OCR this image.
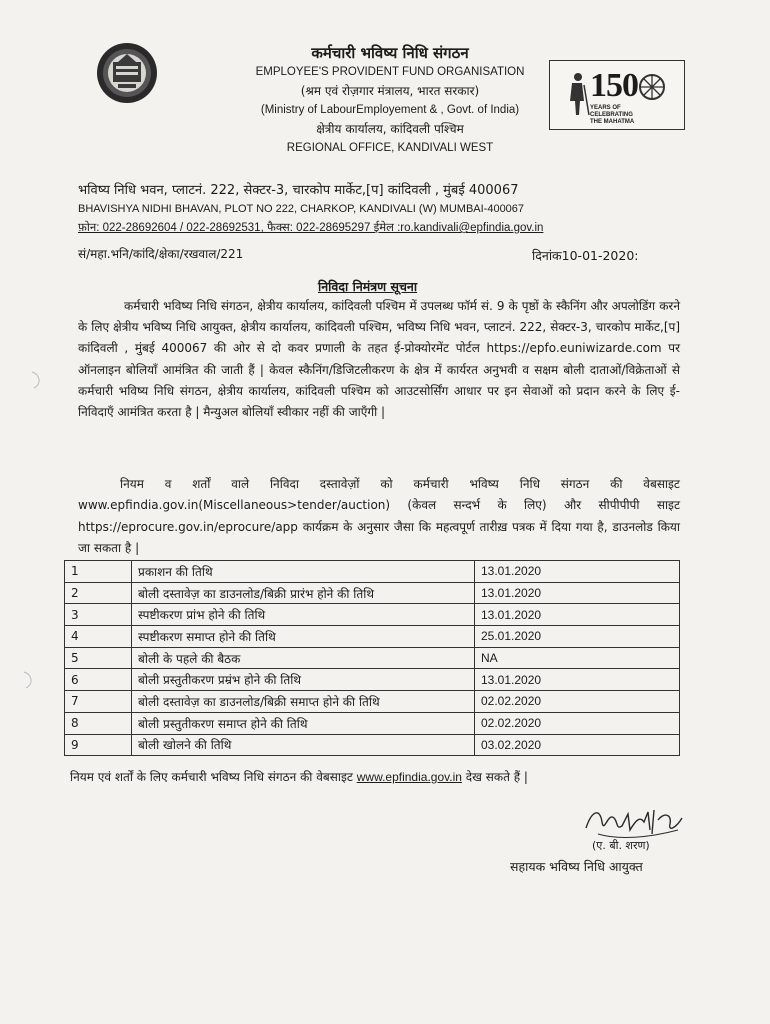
कर्मचारी भविष्य निधि संगठन
EMPLOYEE'S PROVIDENT FUND ORGANISATION
(श्रम एवं रोज़गार मंत्रालय, भारत सरकार)
(Ministry of LabourEmployement & , Govt. of India)
क्षेत्रीय कार्यालय, कांदिवली पश्चिम
REGIONAL OFFICE, KANDIVALI WEST
150
YEARS OF
CELEBRATING
THE MAHATMA
भविष्य निधि भवन, प्लाटनं. 222, सेक्टर-3, चारकोप मार्केट,[प] कांदिवली , मुंबई 400067
BHAVISHYA NIDHI BHAVAN, PLOT NO 222, CHARKOP, KANDIVALI (W) MUMBAI-400067
फ़ोन: 022-28692604 / 022-28692531, फैक्स: 022-28695297 ईमेल :ro.kandivali@epfindia.gov.in
सं/महा.भनि/कांदि/क्षेका/रखवाल/221	दिनांक10-01-2020:
निविदा निमंत्रण सूचना
कर्मचारी भविष्य निधि संगठन, क्षेत्रीय कार्यालय, कांदिवली पश्चिम में उपलब्ध फॉर्म सं. 9 के पृष्ठों के स्कैनिंग और अपलोडिंग करने के लिए क्षेत्रीय भविष्य निधि आयुक्त, क्षेत्रीय कार्यालय, कांदिवली पश्चिम, भविष्य निधि भवन, प्लाटनं. 222, सेक्टर-3, चारकोप मार्केट,[प] कांदिवली , मुंबई 400067 की ओर से दो कवर प्रणाली के तहत ई-प्रोक्योरमेंट पोर्टल https://epfo.euniwizarde.com पर ऑनलाइन बोलियाँ आमंत्रित की जाती हैं | केवल स्कैनिंग/डिजिटलीकरण के क्षेत्र में कार्यरत अनुभवी व सक्षम बोली दाताओं/विक्रेताओं से कर्मचारी भविष्य निधि संगठन, क्षेत्रीय कार्यालय, कांदिवली पश्चिम को आउटसोर्सिंग आधार पर इन सेवाओं को प्रदान करने के लिए ई-निविदाएँ आमंत्रित करता है | मैन्युअल बोलियाँ स्वीकार नहीं की जाएँगी |
नियम व शर्तों वाले निविदा दस्तावेज़ों को कर्मचारी भविष्य निधि संगठन की वेबसाइट www.epfindia.gov.in(Miscellaneous>tender/auction) (केवल सन्दर्भ के लिए) और सीपीपीपी साइट https://eprocure.gov.in/eprocure/app कार्यक्रम के अनुसार जैसा कि महत्वपूर्ण तारीख़ पत्रक में दिया गया है, डाउनलोड किया जा सकता है |
1	प्रकाशन की तिथि	13.01.2020
2	बोली दस्तावेज़ का डाउनलोड/बिक्री प्रारंभ होने की तिथि	13.01.2020
3	स्पष्टीकरण प्रांभ होने की तिथि	13.01.2020
4	स्पष्टीकरण समाप्त होने की तिथि	25.01.2020
5	बोली के पहले की बैठक	NA
6	बोली प्रस्तुतीकरण प्रम्रंभ होने की तिथि	13.01.2020
7	बोली दस्तावेज़ का डाउनलोड/बिक्री समाप्त होने की तिथि	02.02.2020
8	बोली प्रस्तुतीकरण समाप्त होने की तिथि	02.02.2020
9	बोली खोलने की तिथि	03.02.2020
नियम एवं शर्तों के लिए कर्मचारी भविष्य निधि संगठन की वेबसाइट www.epfindia.gov.in देख सकते हैं |
(ए. बी. शरण)
सहायक भविष्य निधि आयुक्त
